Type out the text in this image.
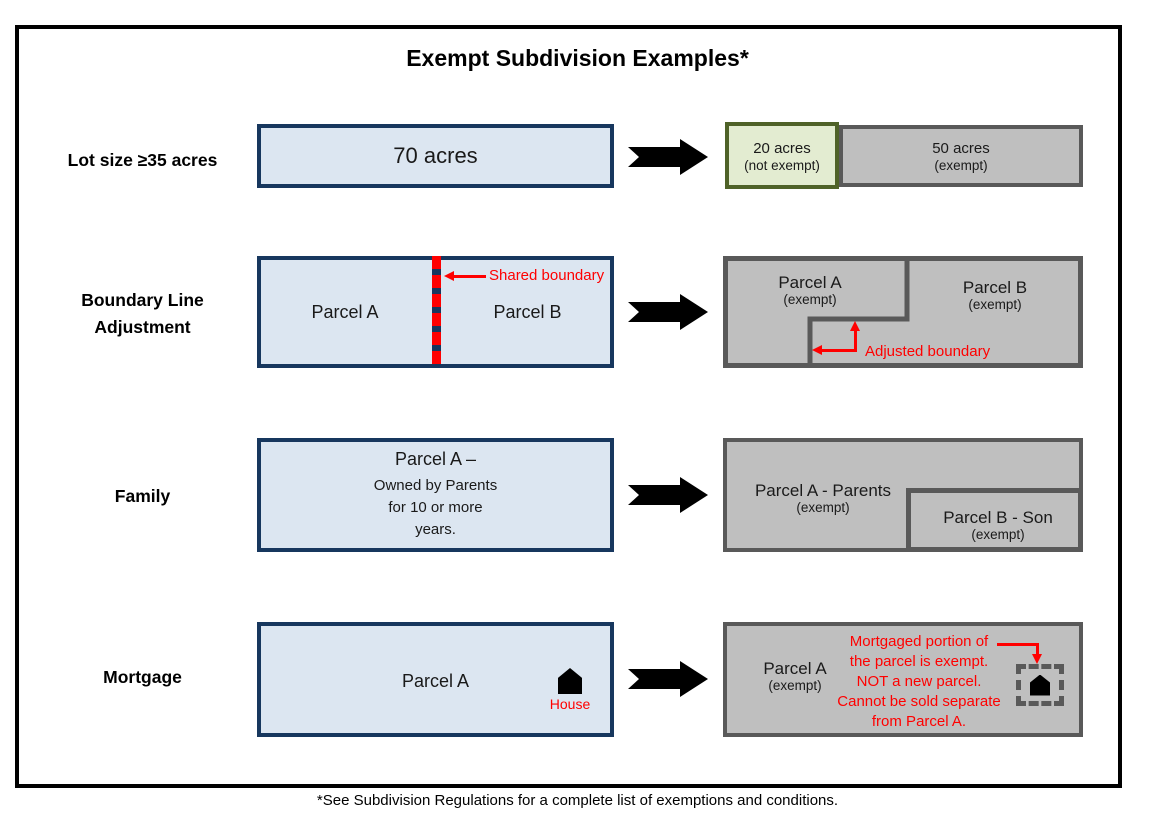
Exempt Subdivision Examples*
Lot size ≥35 acres	70 acres	20 acres
(not exempt)
50 acres
(exempt)
Boundary Line
Adjustment
Parcel A	Parcel B
Shared boundary	Parcel A
(exempt)
Parcel B
(exempt)
Adjusted boundary
Family
Parcel A –
Owned by Parents
for 10 or more
years.
Parcel A - Parents
(exempt)
Parcel B - Son
(exempt)
Mortgage	Parcel A
House
Parcel A
(exempt)
Mortgaged portion of
the parcel is exempt.
NOT a new parcel.
Cannot be sold separate
from Parcel A.
*See Subdivision Regulations for a complete list of exemptions and conditions.
